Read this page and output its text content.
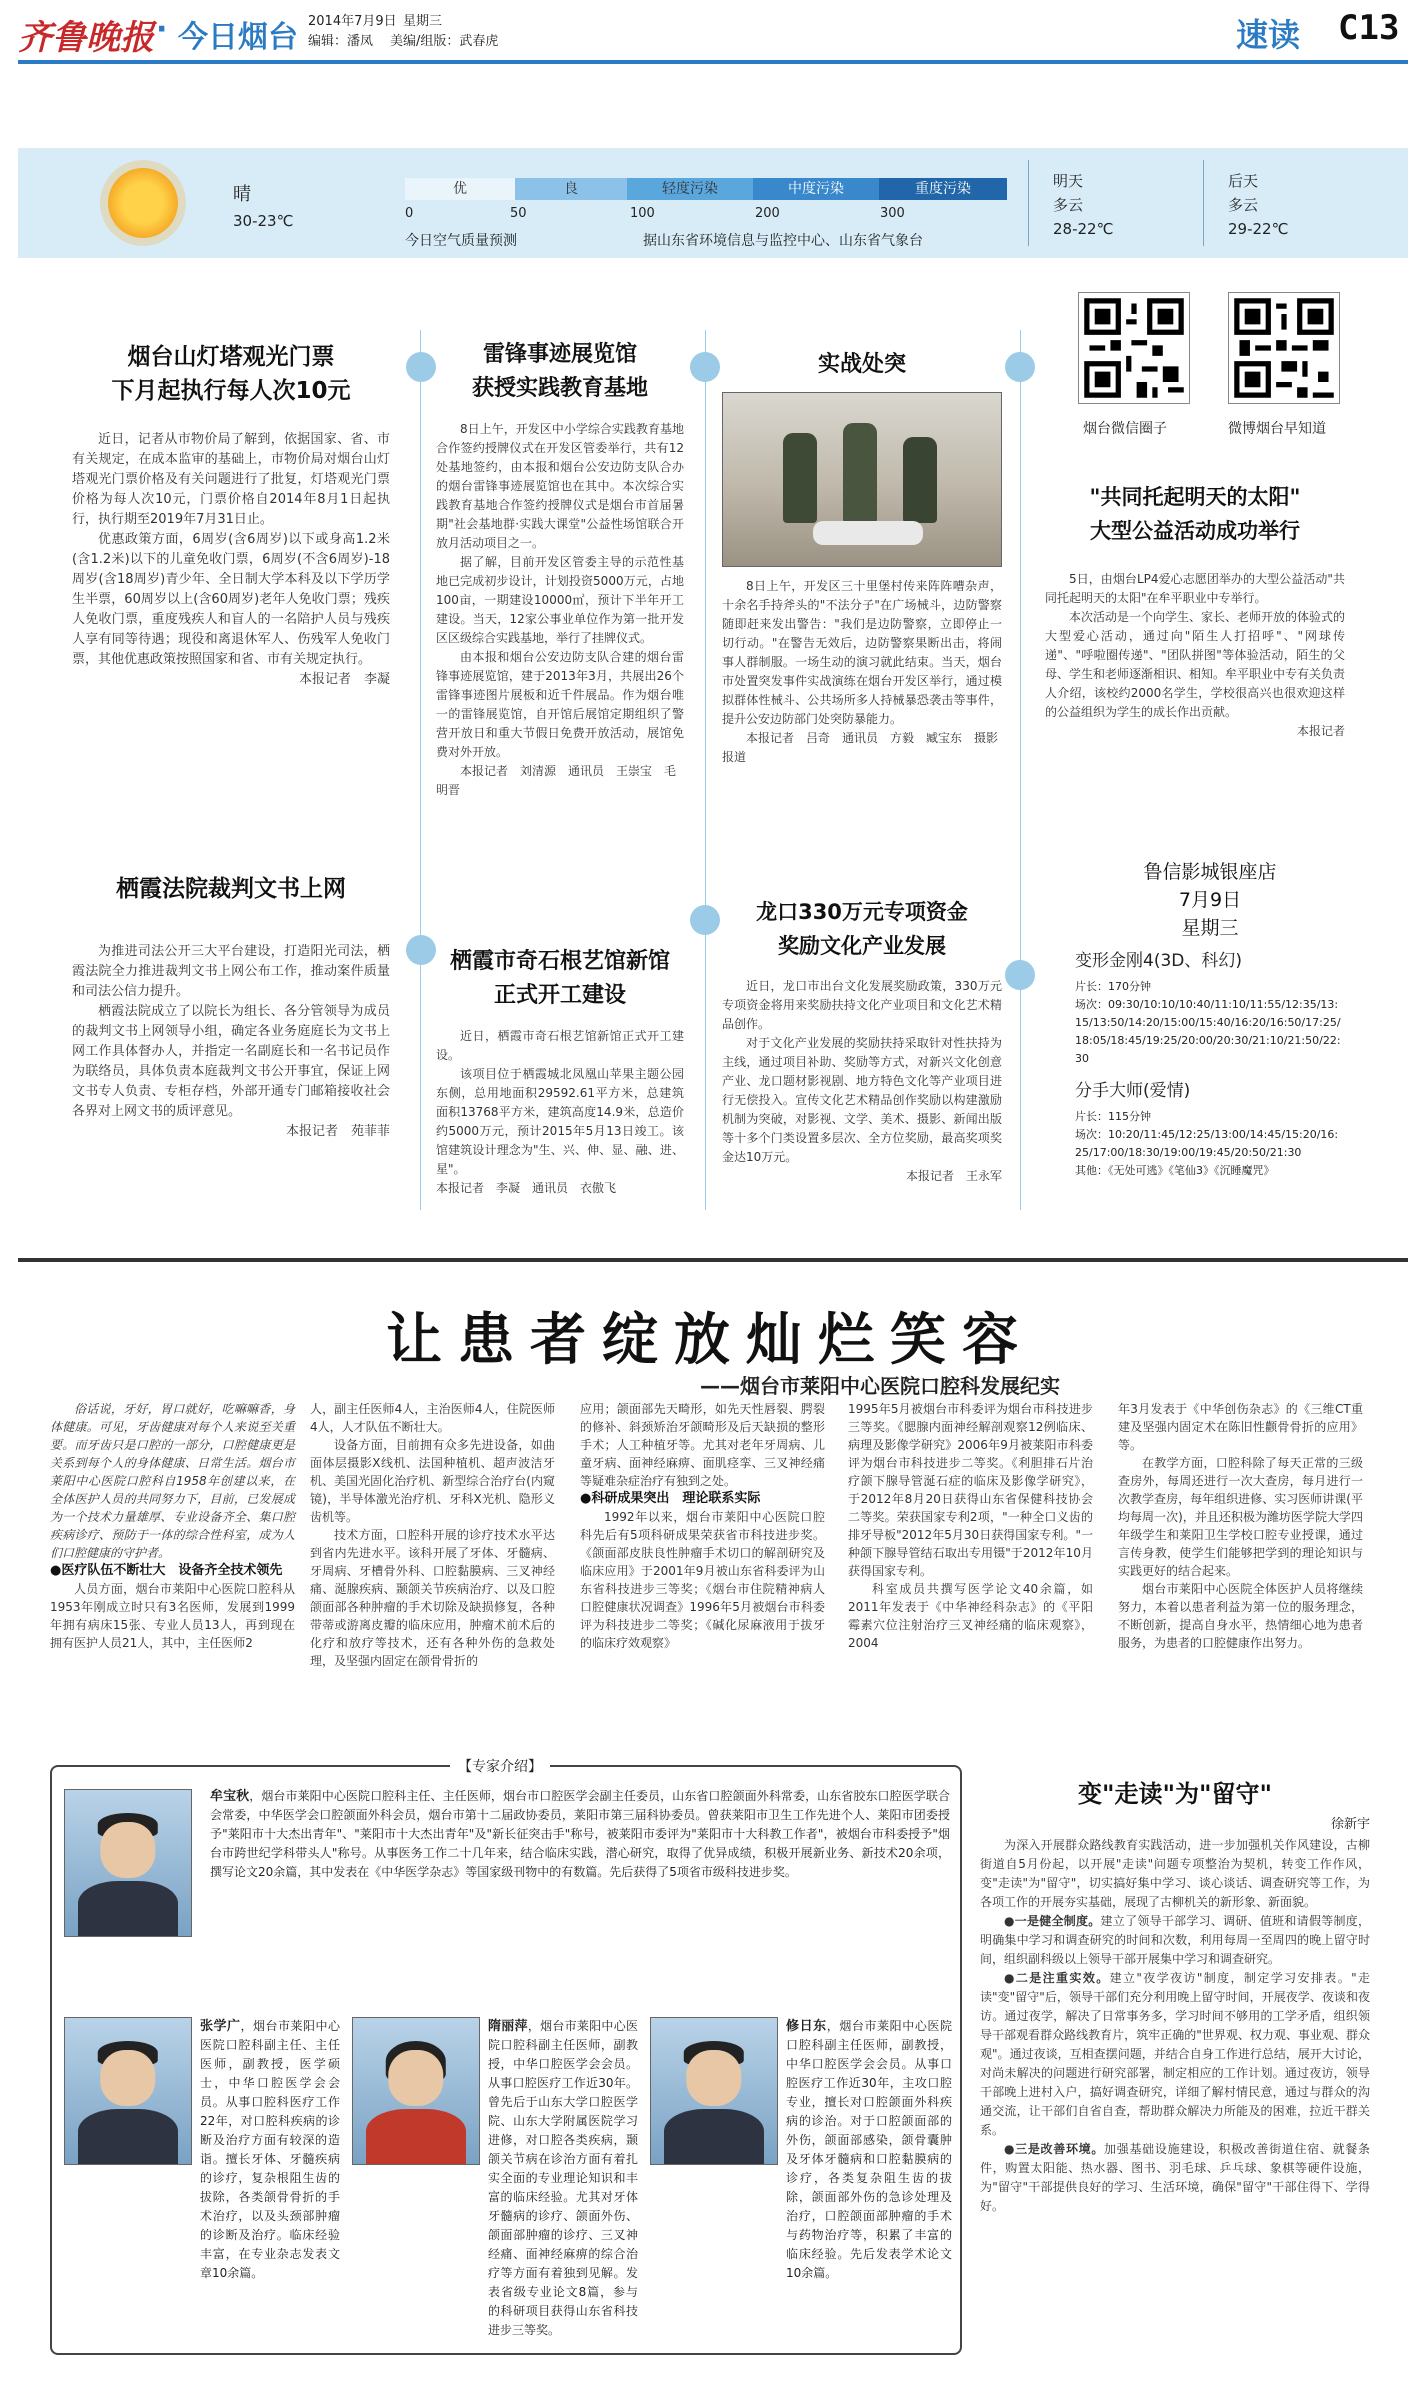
齐鲁晚报 · 今日烟台 2014年7月9日 星期三
编辑：潘凤 美编/组版：武春虎	速读 C13
晴
30-23℃
优	良	轻度污染	中度污染	重度污染
0	50	100	200	300
今日空气质量预测	据山东省环境信息与监控中心、山东省气象台
明天
多云
28-22℃
后天
多云
29-22℃
烟台山灯塔观光门票
下月起执行每人次10元

近日，记者从市物价局了解到，依据国家、省、市有关规定，在成本监审的基础上，市物价局对烟台山灯塔观光门票价格及有关问题进行了批复，灯塔观光门票价格为每人次10元，门票价格自2014年8月1日起执行，执行期至2019年7月31日止。

优惠政策方面，6周岁(含6周岁)以下或身高1.2米(含1.2米)以下的儿童免收门票，6周岁(不含6周岁)-18周岁(含18周岁)青少年、全日制大学本科及以下学历学生半票，60周岁以上(含60周岁)老年人免收门票；残疾人免收门票，重度残疾人和盲人的一名陪护人员与残疾人享有同等待遇；现役和离退休军人、伤残军人免收门票，其他优惠政策按照国家和省、市有关规定执行。

本报记者　李凝
栖霞法院裁判文书上网

为推进司法公开三大平台建设，打造阳光司法，栖霞法院全力推进裁判文书上网公布工作，推动案件质量和司法公信力提升。

栖霞法院成立了以院长为组长、各分管领导为成员的裁判文书上网领导小组，确定各业务庭庭长为文书上网工作具体督办人，并指定一名副庭长和一名书记员作为联络员，具体负责本庭裁判文书公开事宜，保证上网文书专人负责、专柜存档，外部开通专门邮箱接收社会各界对上网文书的质评意见。

本报记者　苑菲菲
雷锋事迹展览馆
获授实践教育基地

8日上午，开发区中小学综合实践教育基地合作签约授牌仪式在开发区管委举行，共有12处基地签约，由本报和烟台公安边防支队合办的烟台雷锋事迹展览馆也在其中。本次综合实践教育基地合作签约授牌仪式是烟台市首届暑期"社会基地群·实践大课堂"公益性场馆联合开放月活动项目之一。

据了解，目前开发区管委主导的示范性基地已完成初步设计，计划投资5000万元，占地100亩，一期建设10000㎡，预计下半年开工建设。当天，12家公事业单位作为第一批开发区区级综合实践基地，举行了挂牌仪式。

由本报和烟台公安边防支队合建的烟台雷锋事迹展览馆，建于2013年3月，共展出26个雷锋事迹图片展板和近千件展品。作为烟台唯一的雷锋展览馆，自开馆后展馆定期组织了警营开放日和重大节假日免费开放活动，展馆免费对外开放。

本报记者　刘清源　通讯员　王崇宝　毛明晋
栖霞市奇石根艺馆新馆
正式开工建设

近日，栖霞市奇石根艺馆新馆正式开工建设。

该项目位于栖霞城北凤凰山苹果主题公园东侧，总用地面积29592.61平方米，总建筑面积13768平方米，建筑高度14.9米，总造价约5000万元，预计2015年5月13日竣工。该馆建筑设计理念为"生、兴、伸、显、融、进、星"。

本报记者　李凝　通讯员　衣傲飞
实战处突

8日上午，开发区三十里堡村传来阵阵嘈杂声，十余名手持斧头的"不法分子"在广场械斗，边防警察随即赶来发出警告："我们是边防警察，立即停止一切行动。"在警告无效后，边防警察果断出击，将闹事人群制服。一场生动的演习就此结束。当天，烟台市处置突发事件实战演练在烟台开发区举行，通过模拟群体性械斗、公共场所多人持械暴恐袭击等事件，提升公安边防部门处突防暴能力。

本报记者　吕奇　通讯员　方毅　臧宝东　摄影报道
龙口330万元专项资金
奖励文化产业发展

近日，龙口市出台文化发展奖励政策，330万元专项资金将用来奖励扶持文化产业项目和文化艺术精品创作。

对于文化产业发展的奖励扶持采取针对性扶持为主线，通过项目补助、奖励等方式，对新兴文化创意产业、龙口题材影视剧、地方特色文化等产业项目进行无偿投入。宣传文化艺术精品创作奖励以构建激励机制为突破，对影视、文学、美术、摄影、新闻出版等十多个门类设置多层次、全方位奖励，最高奖项奖金达10万元。

本报记者　王永军
烟台微信圈子	微博烟台早知道
"共同托起明天的太阳"
大型公益活动成功举行

5日，由烟台LP4爱心志愿团举办的大型公益活动"共同托起明天的太阳"在牟平职业中专举行。

本次活动是一个向学生、家长、老师开放的体验式的大型爱心活动，通过向"陌生人打招呼"、"网球传递"、"呼啦圈传递"、"团队拼图"等体验活动，陌生的父母、学生和老师逐渐相识、相知。牟平职业中专有关负责人介绍，该校约2000名学生，学校很高兴也很欢迎这样的公益组织为学生的成长作出贡献。

本报记者
鲁信影城银座店
7月9日
星期三
变形金刚4(3D、科幻)
片长：170分钟
场次：09:30/10:10/10:40/11:10/11:55/12:35/13:15/13:50/14:20/15:00/15:40/16:20/16:50/17:25/18:05/18:45/19:25/20:00/20:30/21:10/21:50/22:30
分手大师(爱情)
片长：115分钟
场次：10:20/11:45/12:25/13:00/14:45/15:20/16:25/17:00/18:30/19:00/19:45/20:50/21:30
其他：《无处可逃》《笔仙3》《沉睡魔咒》
让患者绽放灿烂笑容
——烟台市莱阳中心医院口腔科发展纪实

俗话说，牙好，胃口就好，吃嘛嘛香，身体健康。可见，牙齿健康对每个人来说至关重要。而牙齿只是口腔的一部分，口腔健康更是关系到每个人的身体健康、日常生活。烟台市莱阳中心医院口腔科自1958年创建以来，在全体医护人员的共同努力下，目前，已发展成为一个技术力量雄厚、专业设备齐全、集口腔疾病诊疗、预防于一体的综合性科室，成为人们口腔健康的守护者。

●医疗队伍不断壮大　设备齐全技术领先

人员方面，烟台市莱阳中心医院口腔科从1953年刚成立时只有3名医师，发展到1999年拥有病床15张、专业人员13人，再到现在拥有医护人员21人，其中，主任医师2

人，副主任医师4人，主治医师4人，住院医师4人，人才队伍不断壮大。

设备方面，目前拥有众多先进设备，如曲面体层摄影X线机、法国种植机、超声波洁牙机、美国光固化治疗机、新型综合治疗台(内窥镜)，半导体激光治疗机、牙科X光机、隐形义齿机等。

技术方面，口腔科开展的诊疗技术水平达到省内先进水平。该科开展了牙体、牙髓病、牙周病、牙槽骨外科、口腔黏膜病、三叉神经痛、涎腺疾病、颞颌关节疾病治疗、以及口腔颌面部各种肿瘤的手术切除及缺损修复，各种带蒂或游离皮瓣的临床应用，肿瘤术前术后的化疗和放疗等技术，还有各种外伤的急救处理，及坚强内固定在颌骨骨折的

应用；颌面部先天畸形，如先天性唇裂、腭裂的修补、斜颈矫治牙颌畸形及后天缺损的整形手术；人工种植牙等。尤其对老年牙周病、儿童牙病、面神经麻痹、面肌痉挛、三叉神经痛等疑难杂症治疗有独到之处。

●科研成果突出　理论联系实际

1992年以来，烟台市莱阳中心医院口腔科先后有5项科研成果荣获省市科技进步奖。《颌面部皮肤良性肿瘤手术切口的解剖研究及临床应用》于2001年9月被山东省科委评为山东省科技进步三等奖；《烟台市住院精神病人口腔健康状况调查》1996年5月被烟台市科委评为科技进步二等奖；《碱化尿麻液用于拔牙的临床疗效观察》

1995年5月被烟台市科委评为烟台市科技进步三等奖。《腮腺内面神经解剖观察12例临床、病理及影像学研究》2006年9月被莱阳市科委评为烟台市科技进步二等奖。《利胆排石片治疗颌下腺导管涎石症的临床及影像学研究》，于2012年8月20日获得山东省保健科技协会二等奖。荣获国家专利2项，"一种全口义齿的排牙导板"2012年5月30日获得国家专利。"一种颌下腺导管结石取出专用镊"于2012年10月获得国家专利。

科室成员共撰写医学论文40余篇，如2011年发表于《中华神经科杂志》的《平阳霉素穴位注射治疗三叉神经痛的临床观察》，2004

年3月发表于《中华创伤杂志》的《三维CT重建及坚强内固定术在陈旧性颧骨骨折的应用》等。

在教学方面，口腔科除了每天正常的三级查房外，每周还进行一次大查房，每月进行一次教学查房，每年组织进修、实习医师讲课(平均每周一次)，并且还积极为潍坊医学院大学四年级学生和莱阳卫生学校口腔专业授课，通过言传身教，使学生们能够把学到的理论知识与实践更好的结合起来。

烟台市莱阳中心医院全体医护人员将继续努力，本着以患者利益为第一位的服务理念，不断创新，提高自身水平，热情细心地为患者服务，为患者的口腔健康作出努力。

【专家介绍】
牟宝秋，烟台市莱阳中心医院口腔科主任、主任医师，烟台市口腔医学会副主任委员，山东省口腔颌面外科常委，山东省胶东口腔医学联合会常委，中华医学会口腔颌面外科会员，烟台市第十二届政协委员，莱阳市第三届科协委员。曾获莱阳市卫生工作先进个人、莱阳市团委授予"莱阳市十大杰出青年"、"莱阳市十大杰出青年"及"新长征突击手"称号，被莱阳市委评为"莱阳市十大科教工作者"，被烟台市科委授予"烟台市跨世纪学科带头人"称号。从事医务工作二十几年来，结合临床实践，潜心研究，取得了优异成绩，积极开展新业务、新技术20余项，撰写论文20余篇，其中发表在《中华医学杂志》等国家级刊物中的有数篇。先后获得了5项省市级科技进步奖。
张学广，烟台市莱阳中心医院口腔科副主任、主任医师，副教授，医学硕士，中华口腔医学会会员。从事口腔科医疗工作22年，对口腔科疾病的诊断及治疗方面有较深的造诣。擅长牙体、牙髓疾病的诊疗，复杂根阻生齿的拔除，各类颌骨骨折的手术治疗，以及头颈部肿瘤的诊断及治疗。临床经验丰富，在专业杂志发表文章10余篇。
隋丽萍，烟台市莱阳中心医院口腔科副主任医师，副教授，中华口腔医学会会员。从事口腔医疗工作近30年。曾先后于山东大学口腔医学院、山东大学附属医院学习进修，对口腔各类疾病，颞颌关节病在诊治方面有着扎实全面的专业理论知识和丰富的临床经验。尤其对牙体牙髓病的诊疗、颌面外伤、颌面部肿瘤的诊疗、三叉神经痛、面神经麻痹的综合治疗等方面有着独到见解。发表省级专业论文8篇，参与的科研项目获得山东省科技进步三等奖。
修日东，烟台市莱阳中心医院口腔科副主任医师，副教授，中华口腔医学会会员。从事口腔医疗工作近30年，主攻口腔专业，擅长对口腔颌面外科疾病的诊治。对于口腔颌面部的外伤，颌面部感染，颌骨囊肿及牙体牙髓病和口腔黏膜病的诊疗，各类复杂阻生齿的拔除，颌面部外伤的急诊处理及治疗，口腔颌面部肿瘤的手术与药物治疗等，积累了丰富的临床经验。先后发表学术论文10余篇。
变"走读"为"留守"
徐新宇

为深入开展群众路线教育实践活动，进一步加强机关作风建设，古柳街道自5月份起，以开展"走读"问题专项整治为契机，转变工作作风，变"走读"为"留守"，切实搞好集中学习、谈心谈话、调查研究等工作，为各项工作的开展夯实基础，展现了古柳机关的新形象、新面貌。

●一是健全制度。建立了领导干部学习、调研、值班和请假等制度，明确集中学习和调查研究的时间和次数，利用每周一至周四的晚上留守时间，组织副科级以上领导干部开展集中学习和调查研究。

●二是注重实效。建立"夜学夜访"制度，制定学习安排表。"走读"变"留守"后，领导干部们充分利用晚上留守时间，开展夜学、夜谈和夜访。通过夜学，解决了日常事务多，学习时间不够用的工学矛盾，组织领导干部观看群众路线教育片，筑牢正确的"世界观、权力观、事业观、群众观"。通过夜谈，互相查摆问题，并结合自身工作进行总结，展开大讨论，对尚未解决的问题进行研究部署，制定相应的工作计划。通过夜访，领导干部晚上进村入户，搞好调查研究，详细了解村情民意，通过与群众的沟通交流，让干部们自省自查，帮助群众解决力所能及的困难，拉近干群关系。

●三是改善环境。加强基础设施建设，积极改善街道住宿、就餐条件，购置太阳能、热水器、图书、羽毛球、乒乓球、象棋等硬件设施，为"留守"干部提供良好的学习、生活环境，确保"留守"干部住得下、学得好。
